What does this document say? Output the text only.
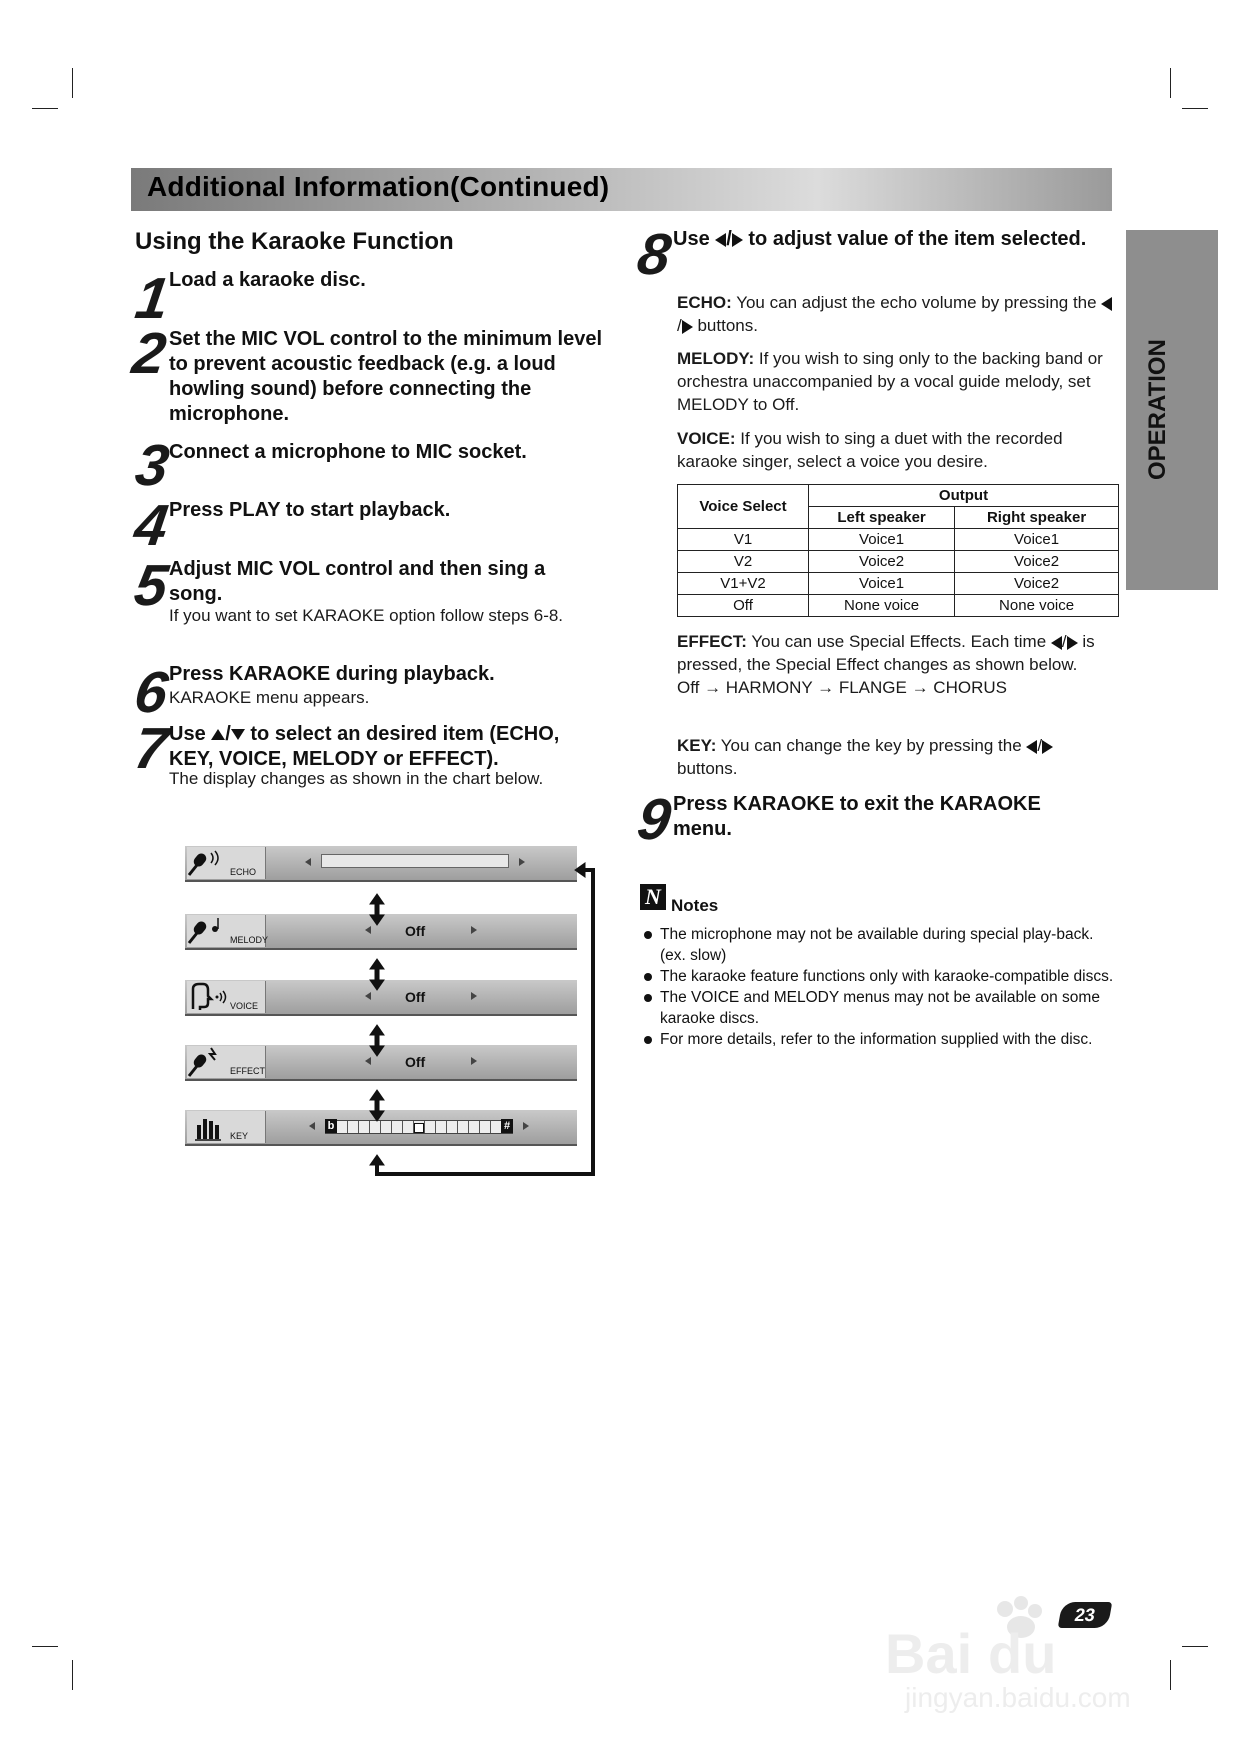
Additional Information(Continued)
OPERATION
Using the Karaoke Function
1 Load a karaoke disc.
2 Set the MIC VOL control to the minimum level to prevent acoustic feedback (e.g. a loud howling sound) before connecting the microphone.
3 Connect a microphone to MIC socket.
4 Press PLAY to start playback.
5 Adjust MIC VOL control and then sing a song.
If you want to set KARAOKE option follow steps 6-8.
6 Press KARAOKE during playback.
KARAOKE menu appears.
7 Use / to select an desired item (ECHO, KEY, VOICE, MELODY or EFFECT).
The display changes as shown in the chart below.
ECHO
MELODY
Off
VOICE
Off
EFFECT
Off
KEY
b	#
8 Use / to adjust value of the item selected.
ECHO: You can adjust the echo volume by pressing the / buttons.
MELODY: If you wish to sing only to the backing band or orchestra unaccompanied by a vocal guide melody, set MELODY to Off.
VOICE: If you wish to sing a duet with the recorded karaoke singer, select a voice you desire.
Voice Select	Output	
	Left speaker	Right speaker
V1	Voice1	Voice1
V2	Voice2	Voice2
V1+V2	Voice1	Voice2
Off	None voice	None voice
EFFECT: You can use Special Effects. Each time / is pressed, the Special Effect changes as shown below.
Off → HARMONY → FLANGE → CHORUS
KEY: You can change the key by pressing the / buttons.
9 Press KARAOKE to exit the KARAOKE menu.
N Notes
The microphone may not be available during special play-back. (ex. slow)
The karaoke feature functions only with karaoke-compatible discs.
The VOICE and MELODY menus may not be available on some karaoke discs.
For more details, refer to the information supplied with the disc.
23
Bai du
jingyan.baidu.com
